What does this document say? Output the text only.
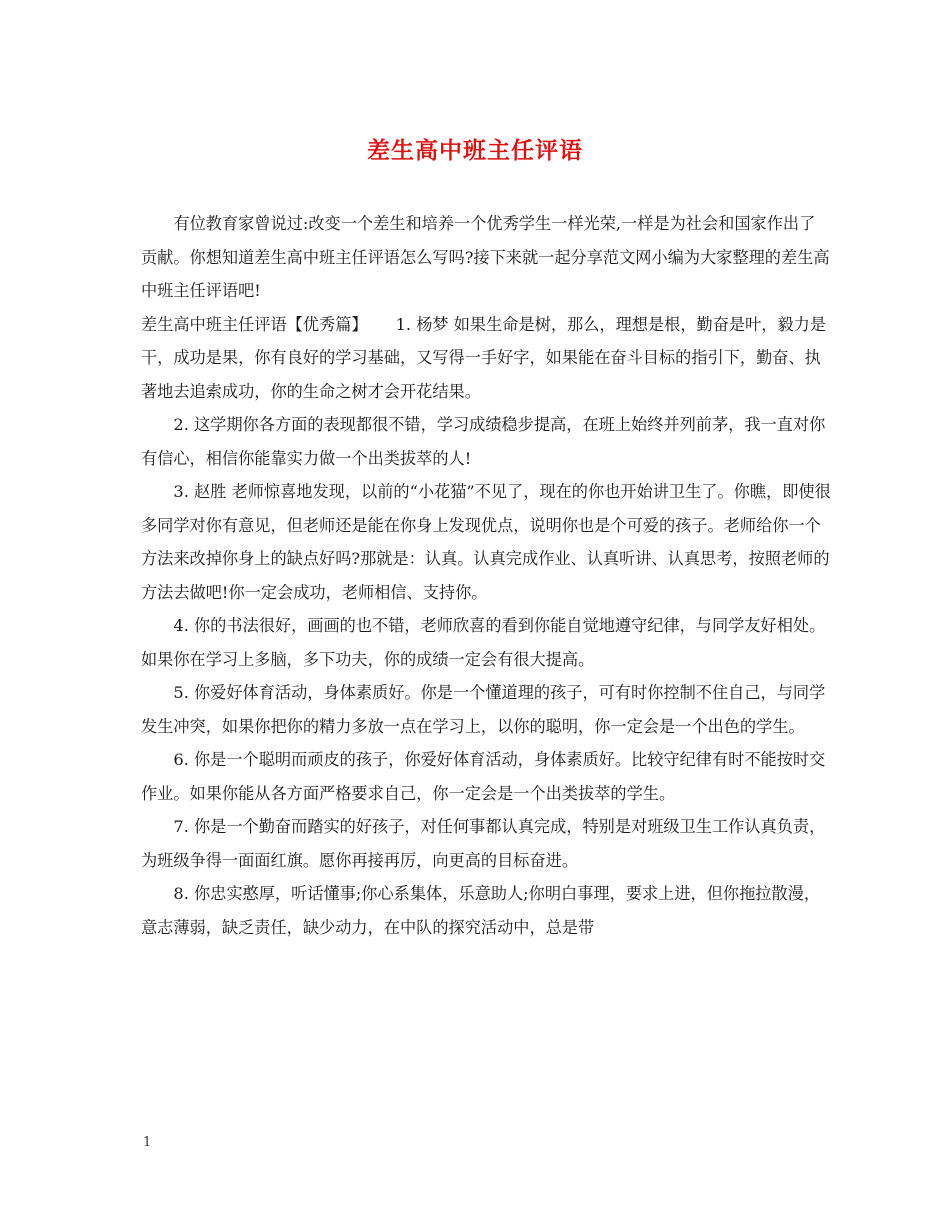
差生高中班主任评语

有位教育家曾说过:改变一个差生和培养一个优秀学生一样光荣,一样是为社会和国家作出了贡献。你想知道差生高中班主任评语怎么写吗?接下来就一起分享范文网小编为大家整理的差生高中班主任评语吧!

差生高中班主任评语【优秀篇】 1. 杨梦 如果生命是树，那么，理想是根，勤奋是叶，毅力是干，成功是果，你有良好的学习基础，又写得一手好字，如果能在奋斗目标的指引下，勤奋、执著地去追索成功，你的生命之树才会开花结果。

2. 这学期你各方面的表现都很不错，学习成绩稳步提高，在班上始终并列前茅，我一直对你有信心，相信你能靠实力做一个出类拔萃的人!

3. 赵胜 老师惊喜地发现，以前的“小花猫”不见了，现在的你也开始讲卫生了。你瞧，即使很多同学对你有意见，但老师还是能在你身上发现优点，说明你也是个可爱的孩子。老师给你一个方法来改掉你身上的缺点好吗?那就是：认真。认真完成作业、认真听讲、认真思考，按照老师的方法去做吧!你一定会成功，老师相信、支持你。

4. 你的书法很好，画画的也不错，老师欣喜的看到你能自觉地遵守纪律，与同学友好相处。如果你在学习上多脑，多下功夫，你的成绩一定会有很大提高。

5. 你爱好体育活动，身体素质好。你是一个懂道理的孩子，可有时你控制不住自己，与同学发生冲突，如果你把你的精力多放一点在学习上，以你的聪明，你一定会是一个出色的学生。

6. 你是一个聪明而顽皮的孩子，你爱好体育活动，身体素质好。比较守纪律有时不能按时交作业。如果你能从各方面严格要求自己，你一定会是一个出类拔萃的学生。

7. 你是一个勤奋而踏实的好孩子，对任何事都认真完成，特别是对班级卫生工作认真负责，为班级争得一面面红旗。愿你再接再厉，向更高的目标奋进。

8. 你忠实憨厚，听话懂事;你心系集体，乐意助人;你明白事理，要求上进，但你拖拉散漫，意志薄弱，缺乏责任，缺少动力，在中队的探究活动中，总是带

1
